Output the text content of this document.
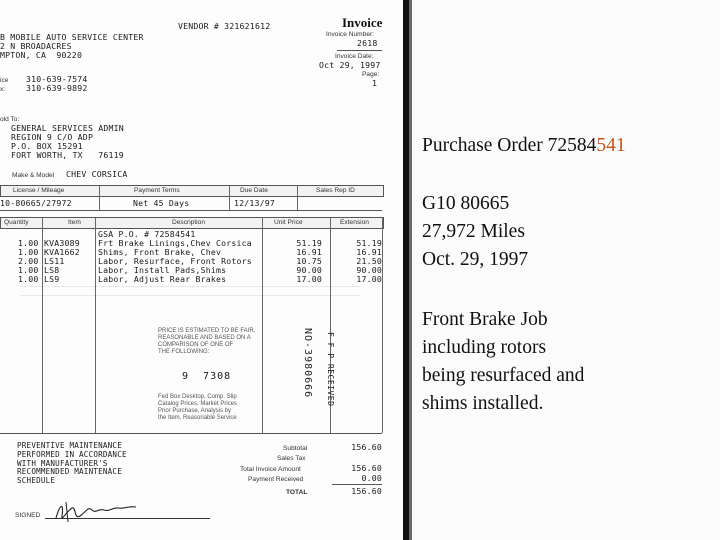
VENDOR # 321621612	Invoice
Invoice Number:
2618
Invoice Date:
Oct 29, 1997
Page:
1
B MOBILE AUTO SERVICE CENTER
2 N BROADACRES
MPTON, CA  90220
ice 310-639-7574
x:	310-639-9892
old To:
GENERAL SERVICES ADMIN
REGION 9 C/O ADP
P.O. BOX 15291
FORT WORTH, TX   76119
Make & Model CHEV CORSICA
License / Mileage	Payment Terms	Due Date	Sales Rep ID
10-80665/27972	Net 45 Days	12/13/97
Quantity	Item	Description	Unit Price	Extension
GSA P.O. # 72584541
1.00 KVA3089 Frt Brake Linings,Chev Corsica	51.19	51.19
1.00 KVA1662 Shims, Front Brake, Chev	16.91	16.91
2.00 LS11	Labor, Resurface, Front Rotors	10.75	21.50
1.00 LS8	Labor, Install Pads,Shims	90.00	90.00
1.00 LS9	Labor, Adjust Rear Brakes	17.00	17.00
PRICE IS ESTIMATED TO BE FAIR,
REASONABLE AND BASED ON A
COMPARISON OF ONE OF
THE FOLLOWING:
9  7308
Fed Box Desktop, Comp. Slip
Catalog Prices, Market Prices
Prior Purchase, Analysis by
the Item, Reasonable Service
NO-3980666 F F P RECEIVED
PREVENTIVE MAINTENANCE
PERFORMED IN ACCORDANCE
WITH MANUFACTURER'S
RECOMMENDED MAINTENACE
SCHEDULE
Subtotal	156.60
Sales Tax
Total Invoice Amount	156.60
Payment Received	0.00
TOTAL	156.60
SIGNED
Purchase Order 72584541
G10 80665
27,972 Miles
Oct. 29, 1997
Front Brake Job
including rotors
being resurfaced and
shims installed.
